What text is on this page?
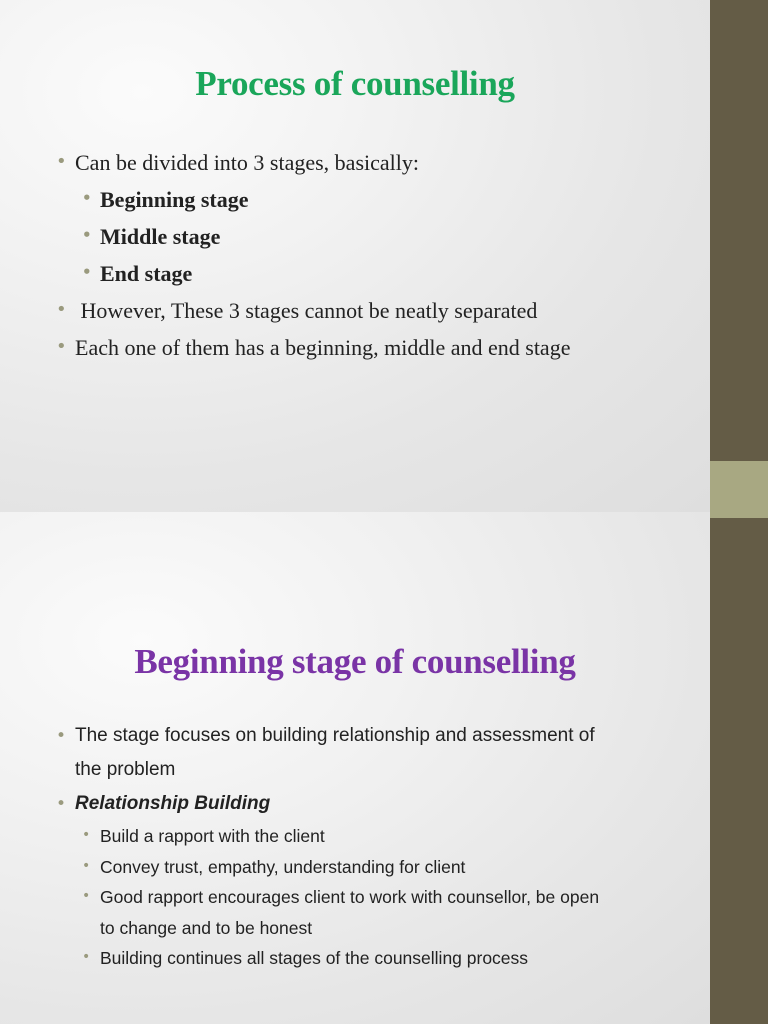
Process of counselling
• Can be divided into 3 stages, basically:
• Beginning stage
• Middle stage
• End stage
• However, These 3 stages cannot be neatly separated
• Each one of them has a beginning, middle and end stage
Beginning stage of counselling
• The stage focuses on building relationship and assessment of
the problem
• Relationship Building
• Build a rapport with the client
• Convey trust, empathy, understanding for client
• Good rapport encourages client to work with counsellor, be open
to change and to be honest
• Building continues all stages of the counselling process
